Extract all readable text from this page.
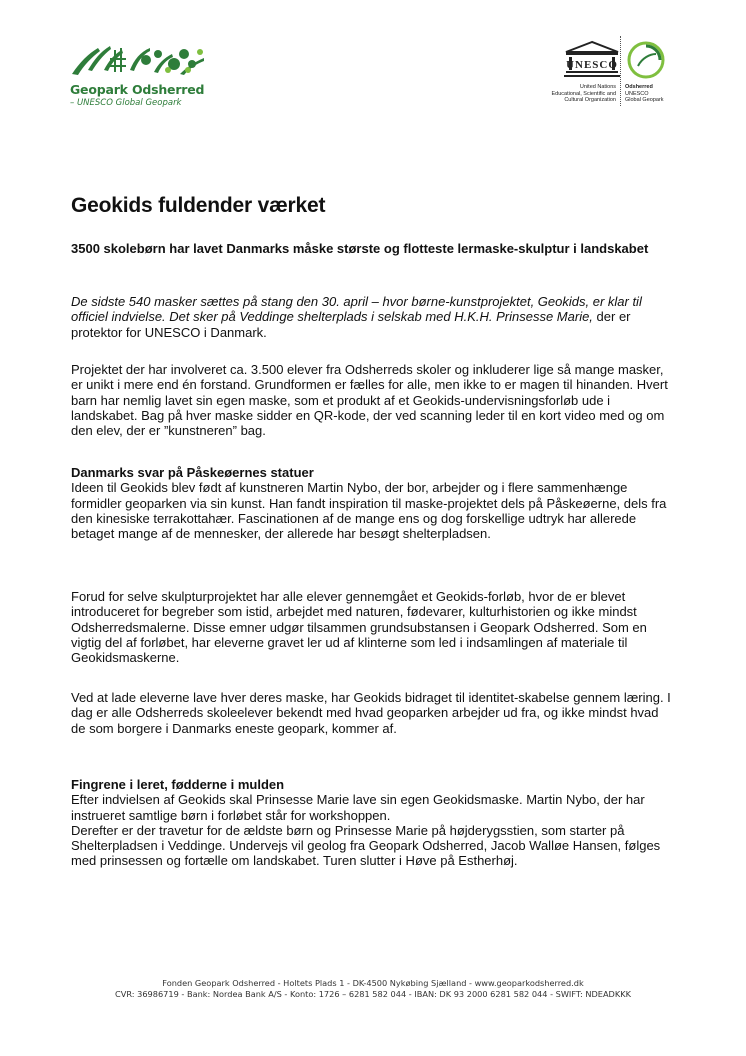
Geopark Odsherred
– UNESCO Global Geopark
UNESCO
United Nations
Educational, Scientific and
Cultural Organization
Odsherred
UNESCO
Global Geopark
Geokids fuldender værket
3500 skolebørn har lavet Danmarks måske største og flotteste lermaske-skulptur i landskabet

De sidste 540 masker sættes på stang den 30. april – hvor børne-kunstprojektet, Geokids, er klar til officiel indvielse. Det sker på Veddinge shelterplads i selskab med H.K.H. Prinsesse Marie, der er protektor for UNESCO i Danmark.

Projektet der har involveret ca. 3.500 elever fra Odsherreds skoler og inkluderer lige så mange masker, er unikt i mere end én forstand. Grundformen er fælles for alle, men ikke to er magen til hinanden. Hvert barn har nemlig lavet sin egen maske, som et produkt af et Geokids-undervisningsforløb ude i landskabet. Bag på hver maske sidder en QR-kode, der ved scanning leder til en kort video med og om den elev, der er ”kunstneren” bag.

Danmarks svar på Påskeøernes statuer

Ideen til Geokids blev født af kunstneren Martin Nybo, der bor, arbejder og i flere sammenhænge formidler geoparken via sin kunst. Han fandt inspiration til maske-projektet dels på Påskeøerne, dels fra den kinesiske terrakottahær. Fascinationen af de mange ens og dog forskellige udtryk har allerede betaget mange af de mennesker, der allerede har besøgt shelterpladsen.

Forud for selve skulpturprojektet har alle elever gennemgået et Geokids-forløb, hvor de er blevet introduceret for begreber som istid, arbejdet med naturen, fødevarer, kulturhistorien og ikke mindst Odsherredsmalerne. Disse emner udgør tilsammen grundsubstansen i Geopark Odsherred. Som en vigtig del af forløbet, har eleverne gravet ler ud af klinterne som led i indsamlingen af materiale til Geokidsmaskerne.

Ved at lade eleverne lave hver deres maske, har Geokids bidraget til identitet-skabelse gennem læring. I dag er alle Odsherreds skoleelever bekendt med hvad geoparken arbejder ud fra, og ikke mindst hvad de som borgere i Danmarks eneste geopark, kommer af.

Fingrene i leret, fødderne i mulden

Efter indvielsen af Geokids skal Prinsesse Marie lave sin egen Geokidsmaske. Martin Nybo, der har instrueret samtlige børn i forløbet står for workshoppen.

Derefter er der travetur for de ældste børn og Prinsesse Marie på højderygsstien, som starter på Shelterpladsen i Veddinge. Undervejs vil geolog fra Geopark Odsherred, Jacob Walløe Hansen, følges med prinsessen og fortælle om landskabet. Turen slutter i Høve på Estherhøj.

Fonden Geopark Odsherred - Holtets Plads 1 - DK-4500 Nykøbing Sjælland - www.geoparkodsherred.dk
CVR: 36986719 - Bank: Nordea Bank A/S - Konto: 1726 – 6281 582 044 - IBAN: DK 93 2000 6281 582 044 - SWIFT: NDEADKKK
